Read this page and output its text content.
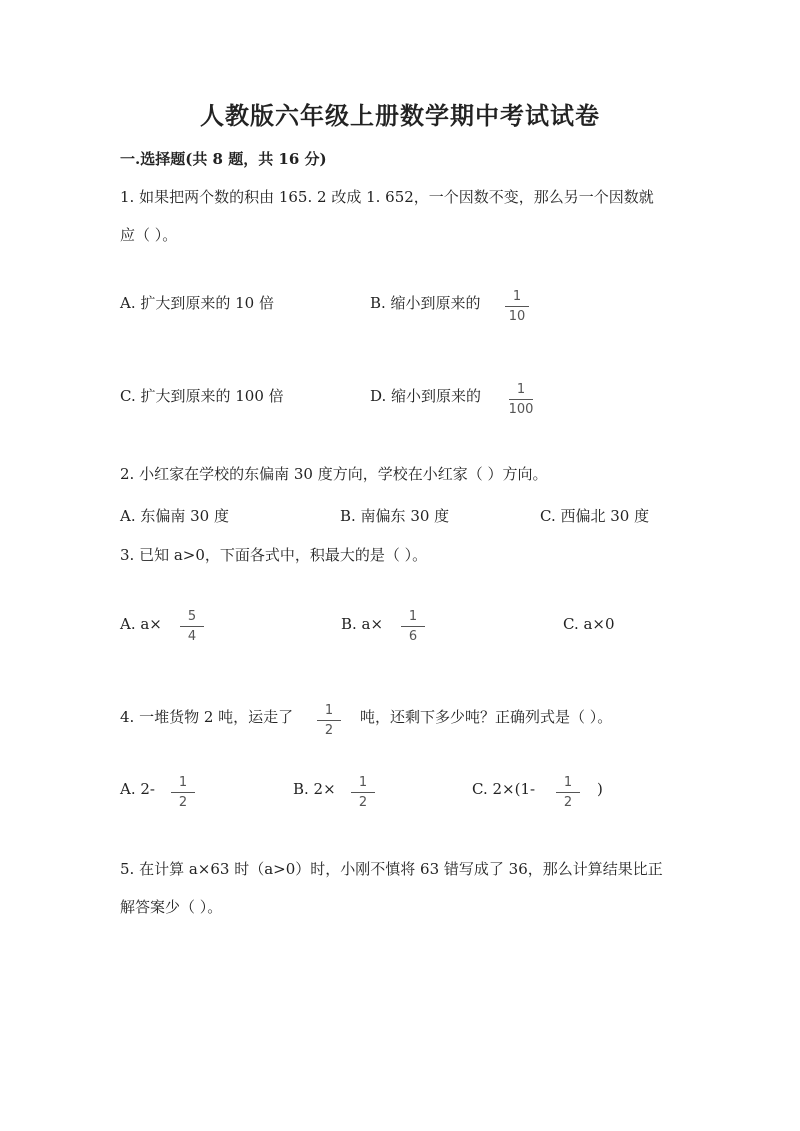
人教版六年级上册数学期中考试试卷
一.选择题(共 8 题，共 16 分)
1. 如果把两个数的积由 165. 2 改成 1. 652，一个因数不变，那么另一个因数就
应（ ）。
A. 扩大到原来的 10 倍	B. 缩小到原来的	1
10
C. 扩大到原来的 100 倍	D. 缩小到原来的	1
100
2. 小红家在学校的东偏南 30 度方向，学校在小红家（ ）方向。
A. 东偏南 30 度	B. 南偏东 30 度	C. 西偏北 30 度
3. 已知 a>0，下面各式中，积最大的是（ ）。
A. a×	5
4
B. a×	1
6
C. a×0
4. 一堆货物 2 吨，运走了	1
2
吨，还剩下多少吨？正确列式是（ ）。
A. 2-	1
2
B. 2×	1
2
C. 2×(1-	1
2
)
5. 在计算 a×63 时（a>0）时，小刚不慎将 63 错写成了 36，那么计算结果比正
解答案少（ ）。
